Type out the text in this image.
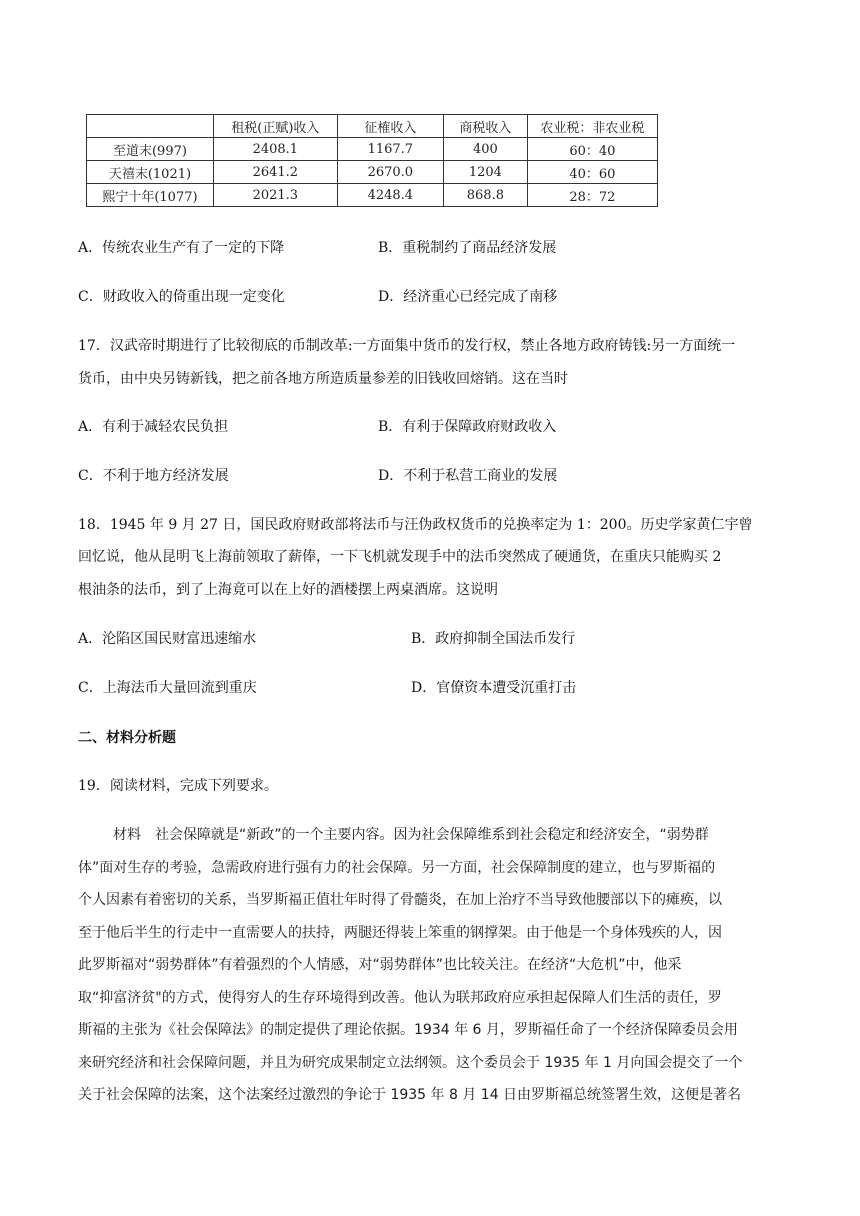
	租税(正赋)收入	征榷收入	商税收入	农业税：非农业税
至道末(997)	2408.1	1167.7	400	60：40
天禧末(1021)	2641.2	2670.0	1204	40：60
熙宁十年(1077)	2021.3	4248.4	868.8	28：72
A．传统农业生产有了一定的下降	B．重税制约了商品经济发展
C．财政收入的倚重出现一定变化	D．经济重心已经完成了南移
17．汉武帝时期进行了比较彻底的币制改革:一方面集中货币的发行权，禁止各地方政府铸钱:另一方面统一
货币，由中央另铸新钱，把之前各地方所造质量参差的旧钱收回熔销。这在当时
A．有利于减轻农民负担	B．有利于保障政府财政收入
C．不利于地方经济发展	D．不利于私营工商业的发展
18．1945 年 9 月 27 日，国民政府财政部将法币与汪伪政权货币的兑换率定为 1：200。历史学家黄仁宇曾
回忆说，他从昆明飞上海前领取了薪俸，一下飞机就发现手中的法币突然成了硬通货，在重庆只能购买 2
根油条的法币，到了上海竟可以在上好的酒楼摆上两桌酒席。这说明
A．沦陷区国民财富迅速缩水	B．政府抑制全国法币发行
C．上海法币大量回流到重庆	D．官僚资本遭受沉重打击
二、材料分析题
19．阅读材料，完成下列要求。
材料　社会保障就是“新政”的一个主要内容。因为社会保障维系到社会稳定和经济安全，“弱势群
体”面对生存的考验，急需政府进行强有力的社会保障。另一方面，社会保障制度的建立，也与罗斯福的
个人因素有着密切的关系，当罗斯福正值壮年时得了骨髓炎，在加上治疗不当导致他腰部以下的瘫痪，以
至于他后半生的行走中一直需要人的扶持，两腿还得装上笨重的钢撑架。由于他是一个身体残疾的人，因
此罗斯福对“弱势群体”有着强烈的个人情感，对“弱势群体”也比较关注。在经济“大危机”中，他采
取“抑富济贫"的方式，使得穷人的生存环境得到改善。他认为联邦政府应承担起保障人们生活的责任，罗
斯福的主张为《社会保障法》的制定提供了理论依据。1934 年 6 月，罗斯福任命了一个经济保障委员会用
来研究经济和社会保障问题，并且为研究成果制定立法纲领。这个委员会于 1935 年 1 月向国会提交了一个
关于社会保障的法案，这个法案经过激烈的争论于 1935 年 8 月 14 日由罗斯福总统签署生效，这便是著名
